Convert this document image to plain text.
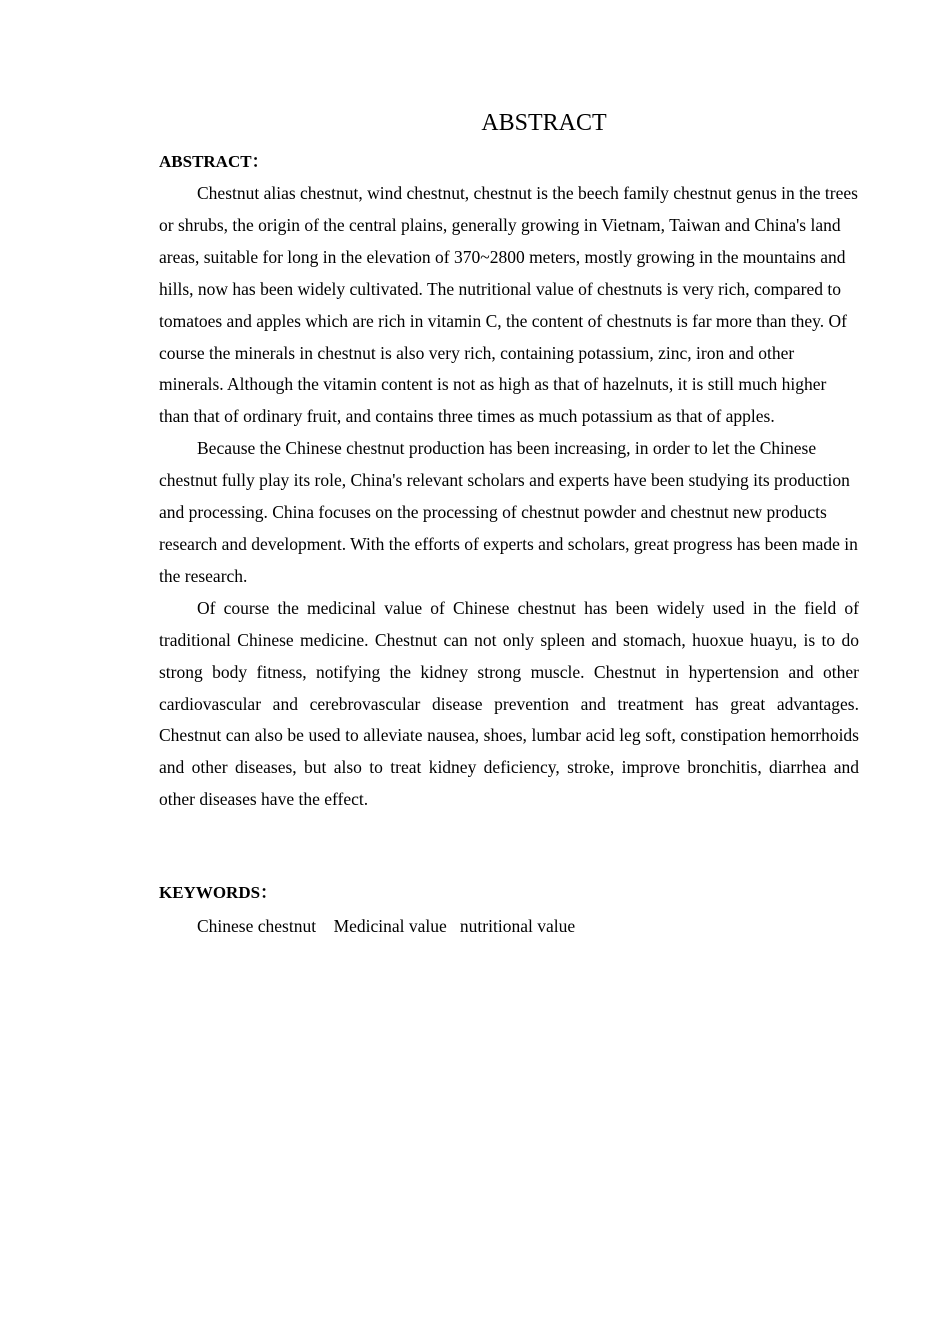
ABSTRACT
ABSTRACT：

Chestnut alias chestnut, wind chestnut, chestnut is the beech family chestnut genus in the trees or shrubs, the origin of the central plains, generally growing in Vietnam, Taiwan and China's land areas, suitable for long in the elevation of 370~2800 meters, mostly growing in the mountains and hills, now has been widely cultivated. The nutritional value of chestnuts is very rich, compared to tomatoes and apples which are rich in vitamin C, the content of chestnuts is far more than they. Of course the minerals in chestnut is also very rich, containing potassium, zinc, iron and other minerals. Although the vitamin content is not as high as that of hazelnuts, it is still much higher than that of ordinary fruit, and contains three times as much potassium as that of apples.

Because the Chinese chestnut production has been increasing, in order to let the Chinese chestnut fully play its role, China's relevant scholars and experts have been studying its production and processing. China focuses on the processing of chestnut powder and chestnut new products research and development. With the efforts of experts and scholars, great progress has been made in the research.

Of course the medicinal value of Chinese chestnut has been widely used in the field of traditional Chinese medicine. Chestnut can not only spleen and stomach, huoxue huayu, is to do strong body fitness, notifying the kidney strong muscle. Chestnut in hypertension and other cardiovascular and cerebrovascular disease prevention and treatment has great advantages. Chestnut can also be used to alleviate nausea, shoes, lumbar acid leg soft, constipation hemorrhoids and other diseases, but also to treat kidney deficiency, stroke, improve bronchitis, diarrhea and other diseases have the effect.

KEYWORDS：
Chinese chestnut    Medicinal value   nutritional value
